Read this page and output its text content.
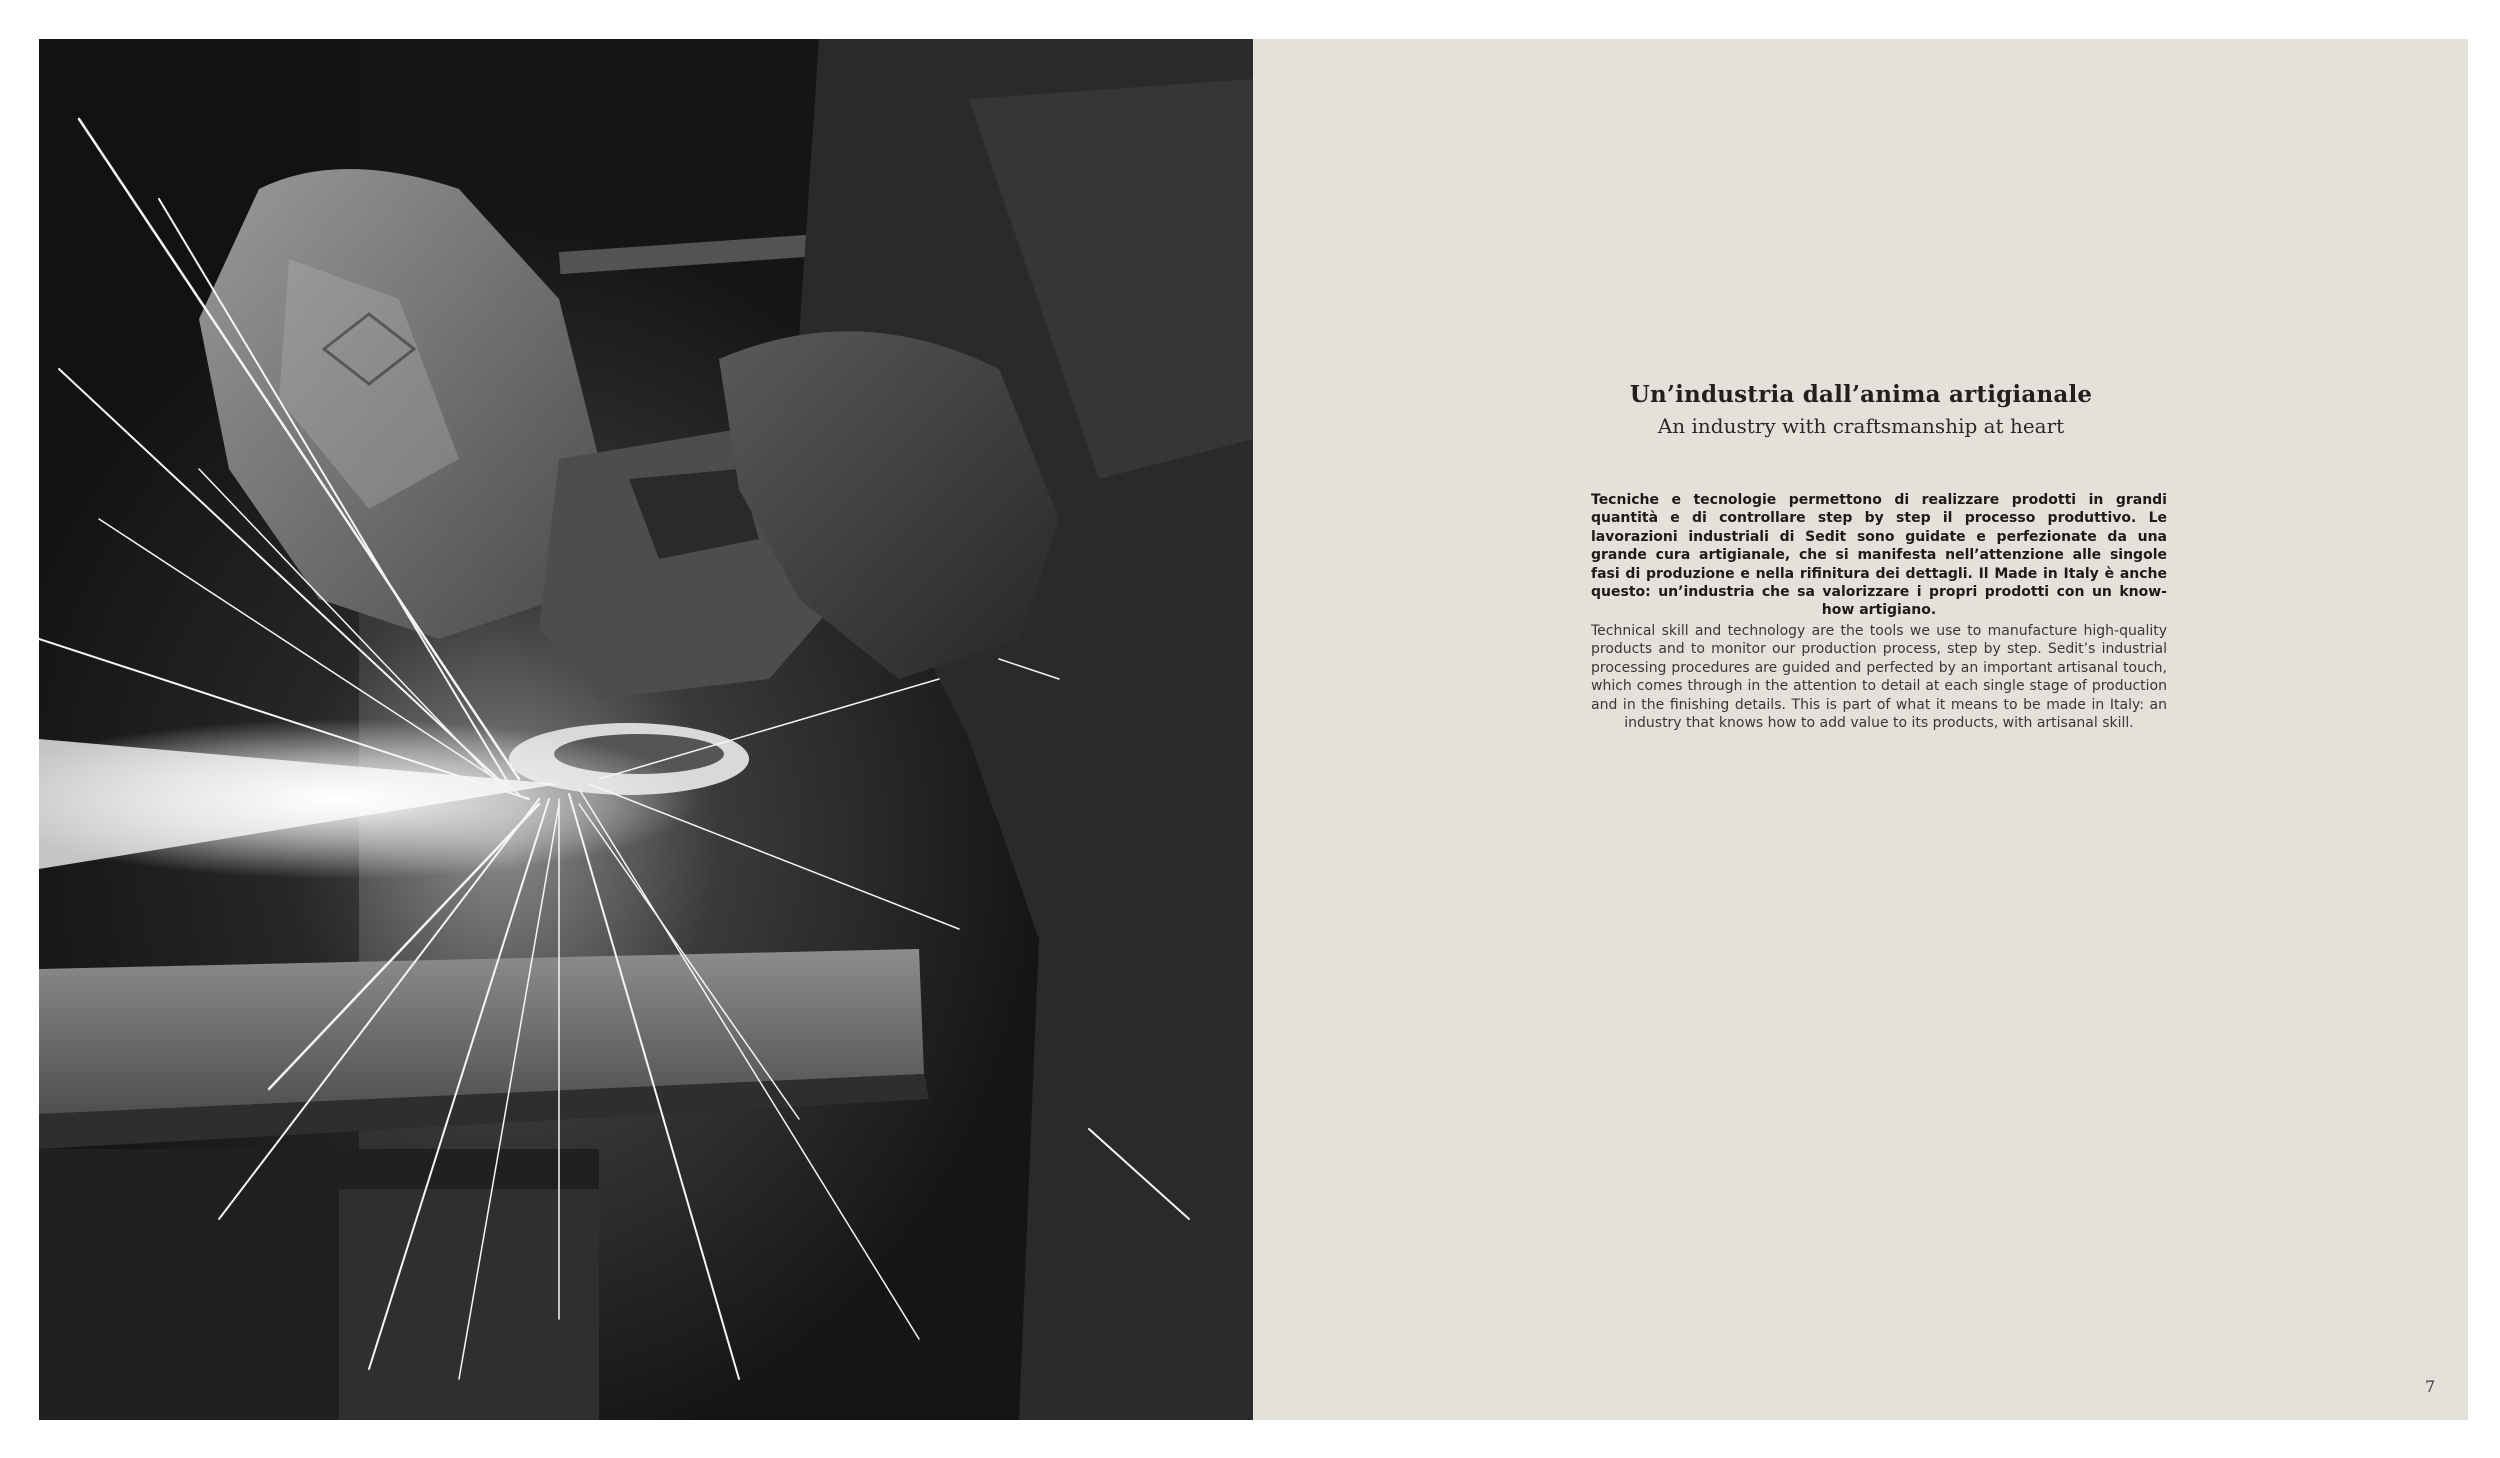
Un’industria dall’anima artigianale
An industry with craftsmanship at heart
Tecniche e tecnologie permettono di realizzare prodotti in grandi quantità e di controllare step by step il processo produttivo. Le lavorazioni industriali di Sedit sono guidate e perfezionate da una grande cura artigianale, che si manifesta nell’attenzione alle singole fasi di produzione e nella rifinitura dei dettagli. Il Made in Italy è anche questo: un’industria che sa valorizzare i propri prodotti con un know-how artigiano.
Technical skill and technology are the tools we use to manufacture high-quality products and to monitor our production process, step by step. Sedit’s industrial processing procedures are guided and perfected by an important artisanal touch, which comes through in the attention to detail at each single stage of production and in the finishing details. This is part of what it means to be made in Italy: an industry that knows how to add value to its products, with artisanal skill.
7
